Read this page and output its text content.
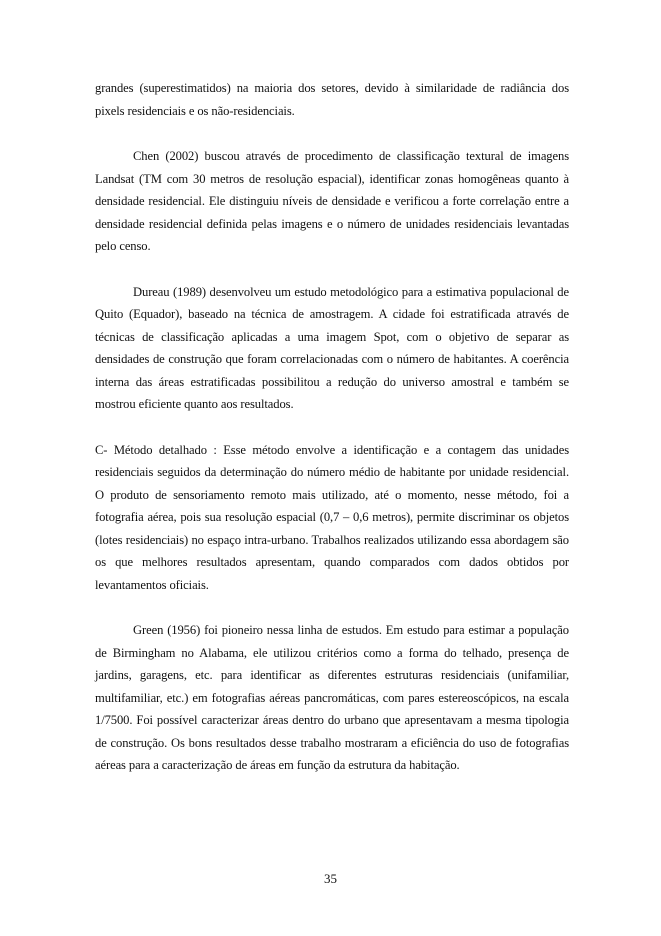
grandes (superestimatidos) na maioria dos setores, devido à similaridade de radiância dos pixels residenciais e os não-residenciais.

Chen (2002) buscou através de procedimento de classificação textural de imagens Landsat (TM com 30 metros de resolução espacial), identificar zonas homogêneas quanto à densidade residencial. Ele distinguiu níveis de densidade e verificou a forte correlação entre a densidade residencial definida pelas imagens e o número de unidades residenciais levantadas pelo censo.

Dureau (1989) desenvolveu um estudo metodológico para a estimativa populacional de Quito (Equador), baseado na técnica de amostragem. A cidade foi estratificada através de técnicas de classificação aplicadas a uma imagem Spot, com o objetivo de separar as densidades de construção que foram correlacionadas com o número de habitantes. A coerência interna das áreas estratificadas possibilitou a redução do universo amostral e também se mostrou eficiente quanto aos resultados.

C- Método detalhado : Esse método envolve a identificação e a contagem das unidades residenciais seguidos da determinação do número médio de habitante por unidade residencial. O produto de sensoriamento remoto mais utilizado, até o momento, nesse método, foi a fotografia aérea, pois sua resolução espacial (0,7 – 0,6 metros), permite discriminar os objetos (lotes residenciais) no espaço intra-urbano. Trabalhos realizados utilizando essa abordagem são os que melhores resultados apresentam, quando comparados com dados obtidos por levantamentos oficiais.

Green (1956) foi pioneiro nessa linha de estudos. Em estudo para estimar a população de Birmingham no Alabama, ele utilizou critérios como a forma do telhado, presença de jardins, garagens, etc. para identificar as diferentes estruturas residenciais (unifamiliar, multifamiliar, etc.) em fotografias aéreas pancromáticas, com pares estereoscópicos, na escala 1/7500. Foi possível caracterizar áreas dentro do urbano que apresentavam a mesma tipologia de construção. Os bons resultados desse trabalho mostraram a eficiência do uso de fotografias aéreas para a caracterização de áreas em função da estrutura da habitação.

35
